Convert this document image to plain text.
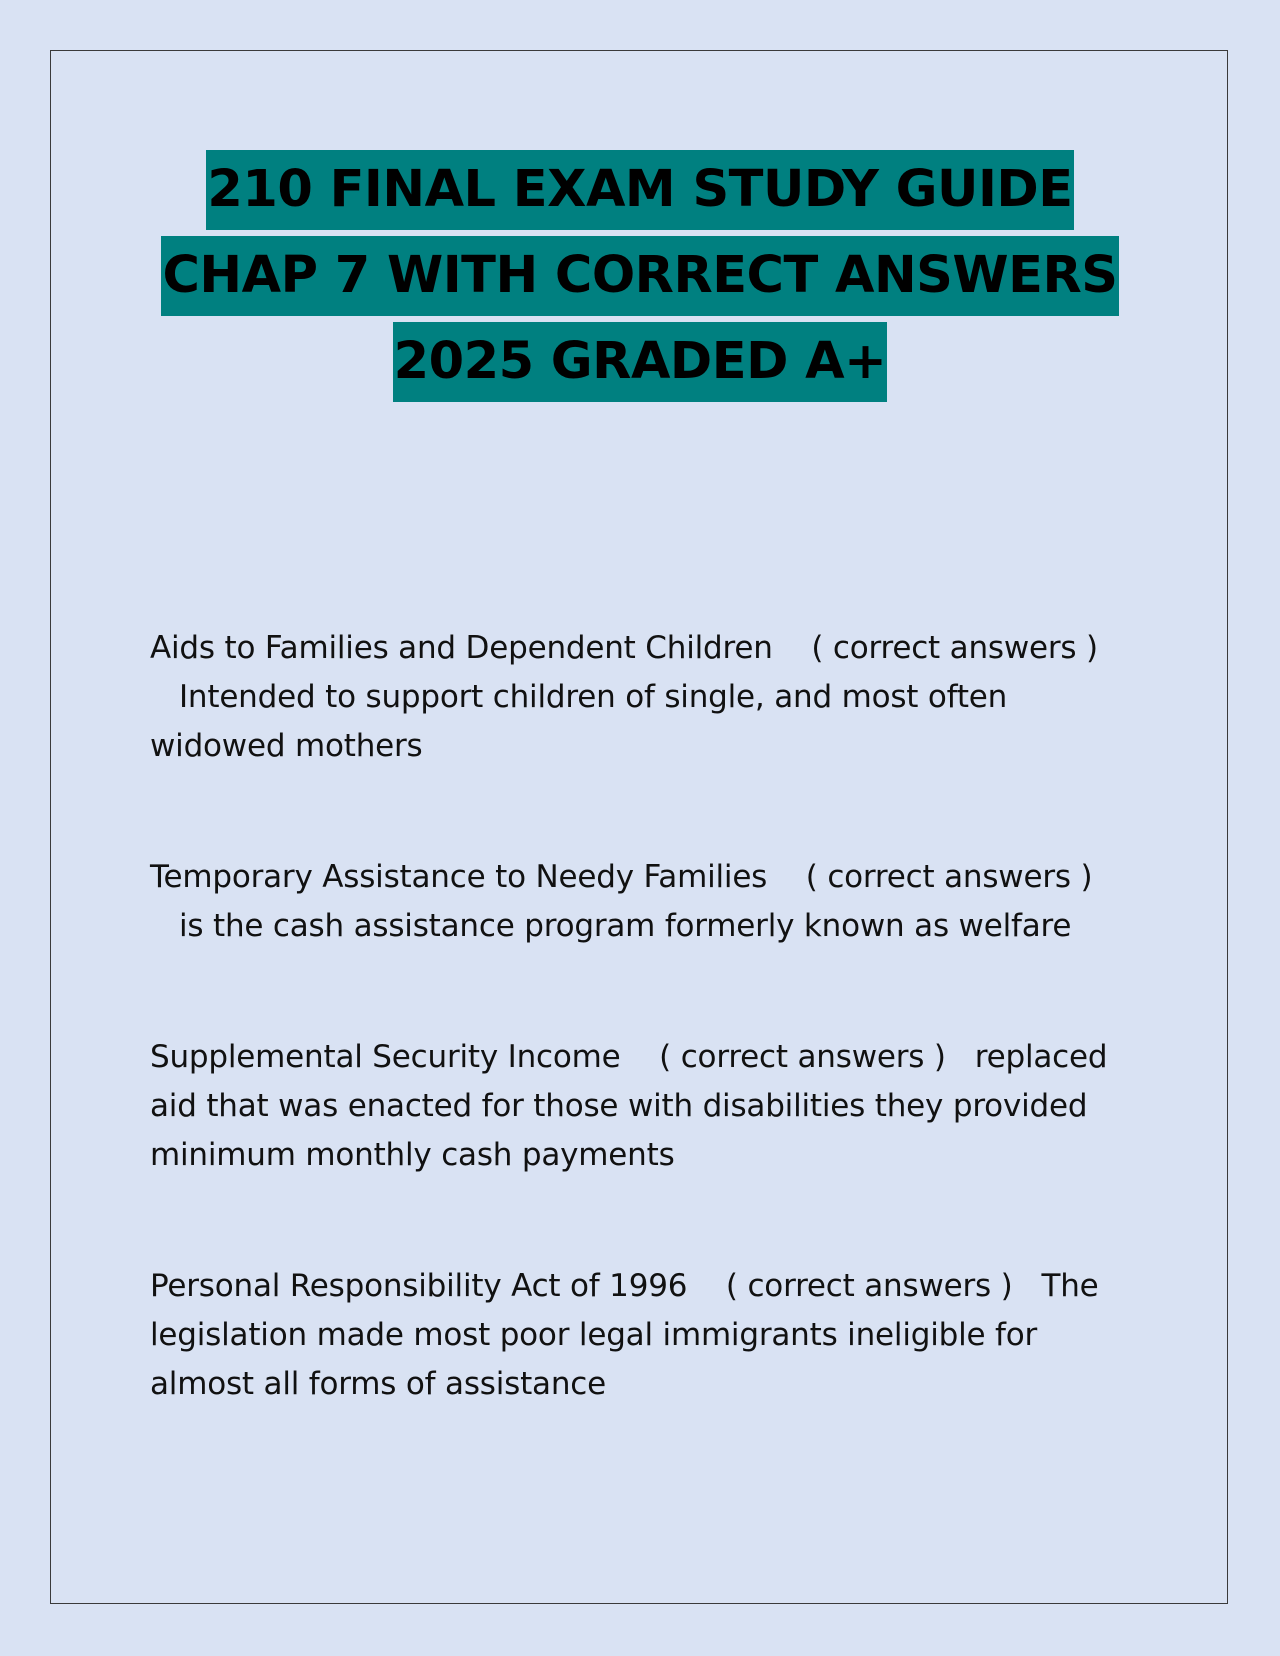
210 FINAL EXAM STUDY GUIDE
CHAP 7 WITH CORRECT ANSWERS
2025 GRADED A+

Aids to Families and Dependent Children ( correct answers )   Intended to support children of single, and most often widowed mothers

Temporary Assistance to Needy Families ( correct answers )   is the cash assistance program formerly known as welfare

Supplemental Security Income ( correct answers ) replaced aid that was enacted for those with disabilities they provided minimum monthly cash payments

Personal Responsibility Act of 1996 ( correct answers ) The legislation made most poor legal immigrants ineligible for almost all forms of assistance
